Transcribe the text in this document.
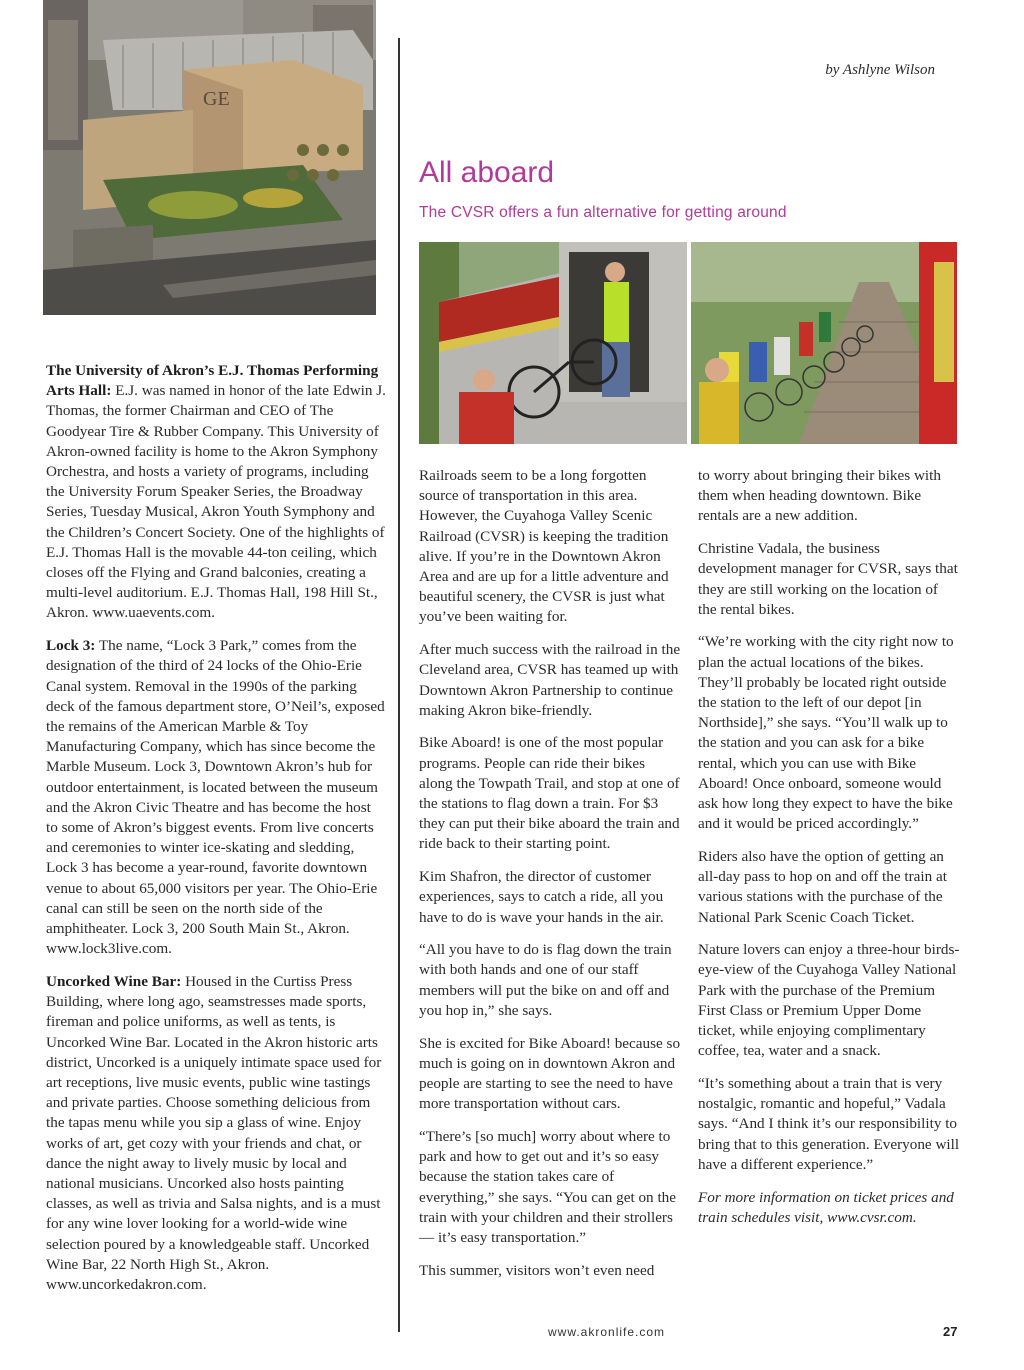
GE
by Ashlyne Wilson
All aboard
The CVSR offers a fun alternative for getting around

The University of Akron’s E.J. Thomas Performing Arts Hall: E.J. was named in honor of the late Edwin J. Thomas, the former Chairman and CEO of The Goodyear Tire & Rubber Company. This University of Akron-owned facility is home to the Akron Symphony Orchestra, and hosts a variety of programs, including the University Forum Speaker Series, the Broadway Series, Tuesday Musical, Akron Youth Symphony and the Children’s Concert Society. One of the highlights of E.J. Thomas Hall is the movable 44-ton ceiling, which closes off the Flying and Grand balconies, creating a multi-level auditorium. E.J. Thomas Hall, 198 Hill St., Akron. www.uaevents.com.

Lock 3: The name, “Lock 3 Park,” comes from the designation of the third of 24 locks of the Ohio-Erie Canal system. Removal in the 1990s of the parking deck of the famous department store, O’Neil’s, exposed the remains of the American Marble & Toy Manufacturing Company, which has since become the Marble Museum. Lock 3, Downtown Akron’s hub for outdoor entertainment, is located between the museum and the Akron Civic Theatre and has become the host to some of Akron’s biggest events. From live concerts and ceremonies to winter ice-skating and sledding, Lock 3 has become a year-round, favorite downtown venue to about 65,000 visitors per year. The Ohio-Erie canal can still be seen on the north side of the amphitheater. Lock 3, 200 South Main St., Akron. www.lock3live.com.

Uncorked Wine Bar: Housed in the Curtiss Press Building, where long ago, seamstresses made sports, fireman and police uniforms, as well as tents, is Uncorked Wine Bar. Located in the Akron historic arts district, Uncorked is a uniquely intimate space used for art receptions, live music events, public wine tastings and private parties. Choose something delicious from the tapas menu while you sip a glass of wine. Enjoy works of art, get cozy with your friends and chat, or dance the night away to lively music by local and national musicians. Uncorked also hosts painting classes, as well as trivia and Salsa nights, and is a must for any wine lover looking for a world-wide wine selection poured by a knowledgeable staff. Uncorked Wine Bar, 22 North High St., Akron. www.uncorkedakron.com.

Railroads seem to be a long forgotten source of transportation in this area. However, the Cuyahoga Valley Scenic Railroad (CVSR) is keeping the tradition alive. If you’re in the Downtown Akron Area and are up for a little adventure and beautiful scenery, the CVSR is just what you’ve been waiting for.

After much success with the railroad in the Cleveland area, CVSR has teamed up with Downtown Akron Partnership to continue making Akron bike-friendly.

Bike Aboard! is one of the most popular programs. People can ride their bikes along the Towpath Trail, and stop at one of the stations to flag down a train. For $3 they can put their bike aboard the train and ride back to their starting point.

Kim Shafron, the director of customer experiences, says to catch a ride, all you have to do is wave your hands in the air.

“All you have to do is flag down the train with both hands and one of our staff members will put the bike on and off and you hop in,” she says.

She is excited for Bike Aboard! because so much is going on in downtown Akron and people are starting to see the need to have more transportation without cars.

“There’s [so much] worry about where to park and how to get out and it’s so easy because the station takes care of everything,” she says. “You can get on the train with your children and their strollers — it’s easy transportation.”

This summer, visitors won’t even need

to worry about bringing their bikes with them when heading downtown. Bike rentals are a new addition.

Christine Vadala, the business development manager for CVSR, says that they are still working on the location of the rental bikes.

“We’re working with the city right now to plan the actual locations of the bikes. They’ll probably be located right outside the station to the left of our depot [in Northside],” she says. “You’ll walk up to the station and you can ask for a bike rental, which you can use with Bike Aboard! Once onboard, someone would ask how long they expect to have the bike and it would be priced accordingly.”

Riders also have the option of getting an all-day pass to hop on and off the train at various stations with the purchase of the National Park Scenic Coach Ticket.

Nature lovers can enjoy a three-hour birds-eye-view of the Cuyahoga Valley National Park with the purchase of the Premium First Class or Premium Upper Dome ticket, while enjoying complimentary coffee, tea, water and a snack.

“It’s something about a train that is very nostalgic, romantic and hopeful,” Vadala says. “And I think it’s our responsibility to bring that to this generation. Everyone will have a different experience.”

For more information on ticket prices and train schedules visit, www.cvsr.com.

www.akronlife.com	27
